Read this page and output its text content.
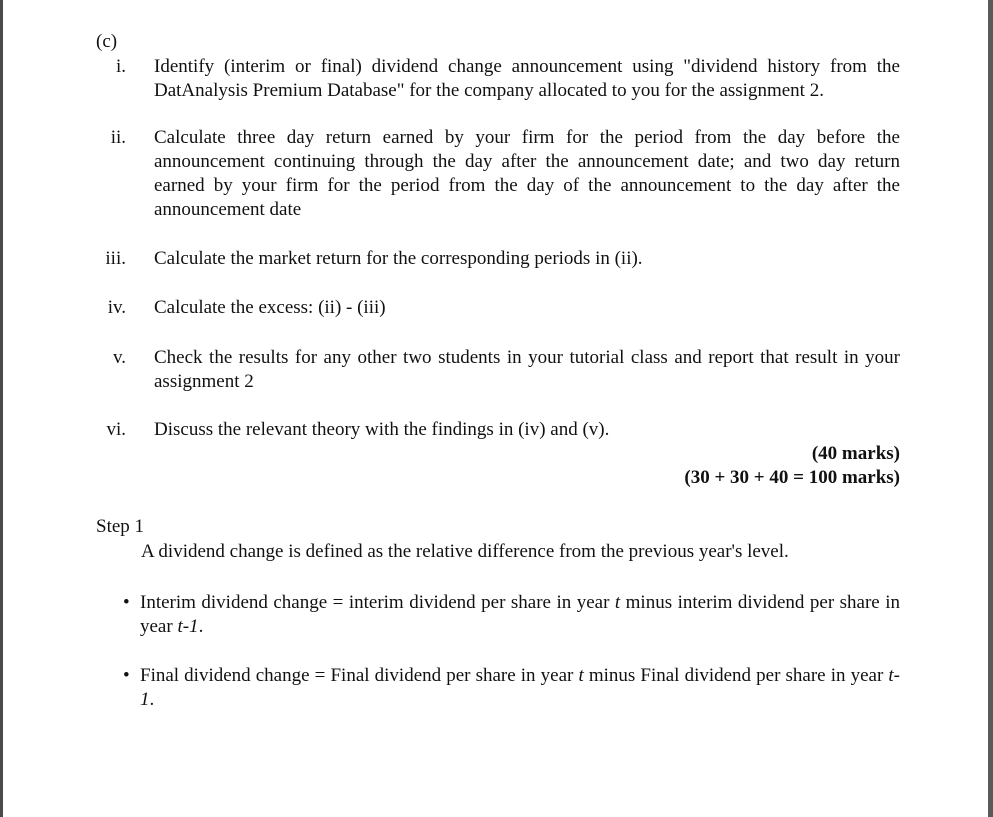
(c)
i. Identify (interim or final) dividend change announcement using "dividend history from the DatAnalysis Premium Database" for the company allocated to you for the assignment 2.
ii. Calculate three day return earned by your firm for the period from the day before the announcement continuing through the day after the announcement date; and two day return earned by your firm for the period from the day of the announcement to the day after the announcement date
iii. Calculate the market return for the corresponding periods in (ii).
iv. Calculate the excess: (ii) - (iii)
v. Check the results for any other two students in your tutorial class and report that result in your assignment 2
vi. Discuss the relevant theory with the findings in (iv) and (v).
(40 marks)
(30 + 30 + 40 = 100 marks)
Step 1
A dividend change is defined as the relative difference from the previous year's level.
• Interim dividend change = interim dividend per share in year t minus interim dividend per share in year t-1.
• Final dividend change = Final dividend per share in year t minus Final dividend per share in year t-1.
